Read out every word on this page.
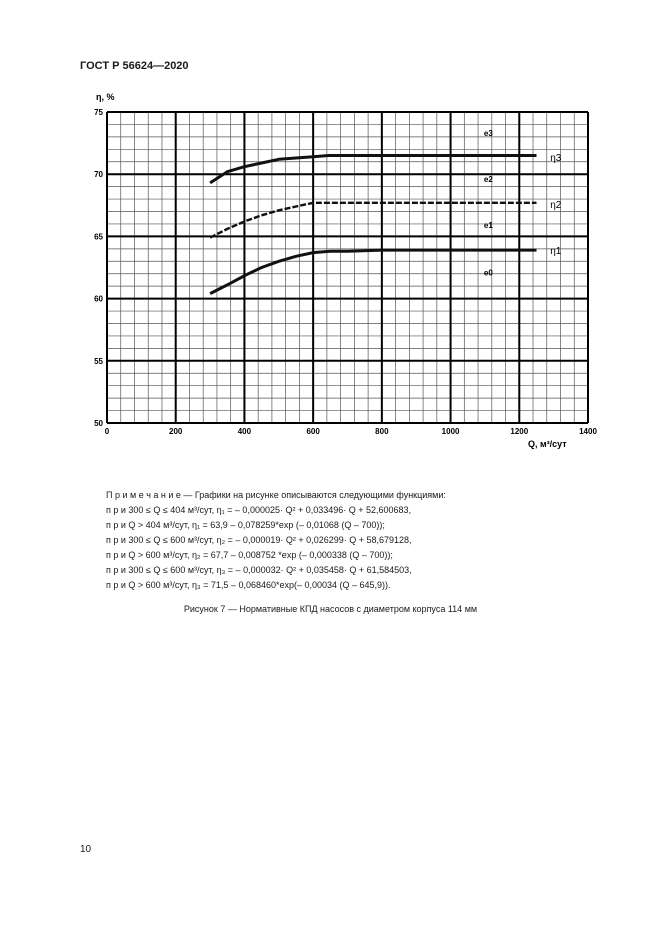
ГОСТ Р 56624—2020
0	200	400	600	800	1000	1200	1400
50
55
60
65
70
75
η3
η2
η1
е3
е2
е1
е0
η, %
Q, м³/сут
П р и м е ч а н и е — Графики на рисунке описываются следующими функциями:
п р и 300 ≤ Q ≤ 404 м³/сут, η₁ = – 0,000025· Q² + 0,033496· Q + 52,600683,
п р и Q > 404 м³/сут, η₁ = 63,9 – 0,078259*exp (– 0,01068 (Q – 700));
п р и 300 ≤ Q ≤ 600 м³/сут, η₂ = – 0,000019· Q² + 0,026299· Q + 58,679128,
п р и Q > 600 м³/сут, η₂ = 67,7 – 0,008752 *exp (– 0,000338 (Q – 700));
п р и 300 ≤ Q ≤ 600 м³/сут, η₃ = – 0,000032· Q² + 0,035458· Q + 61,584503,
п р и Q > 600 м³/сут, η₃ = 71,5 – 0,068460*exp(– 0,00034 (Q – 645,9)).
Рисунок 7 — Нормативные КПД насосов с диаметром корпуса 114 мм
10
